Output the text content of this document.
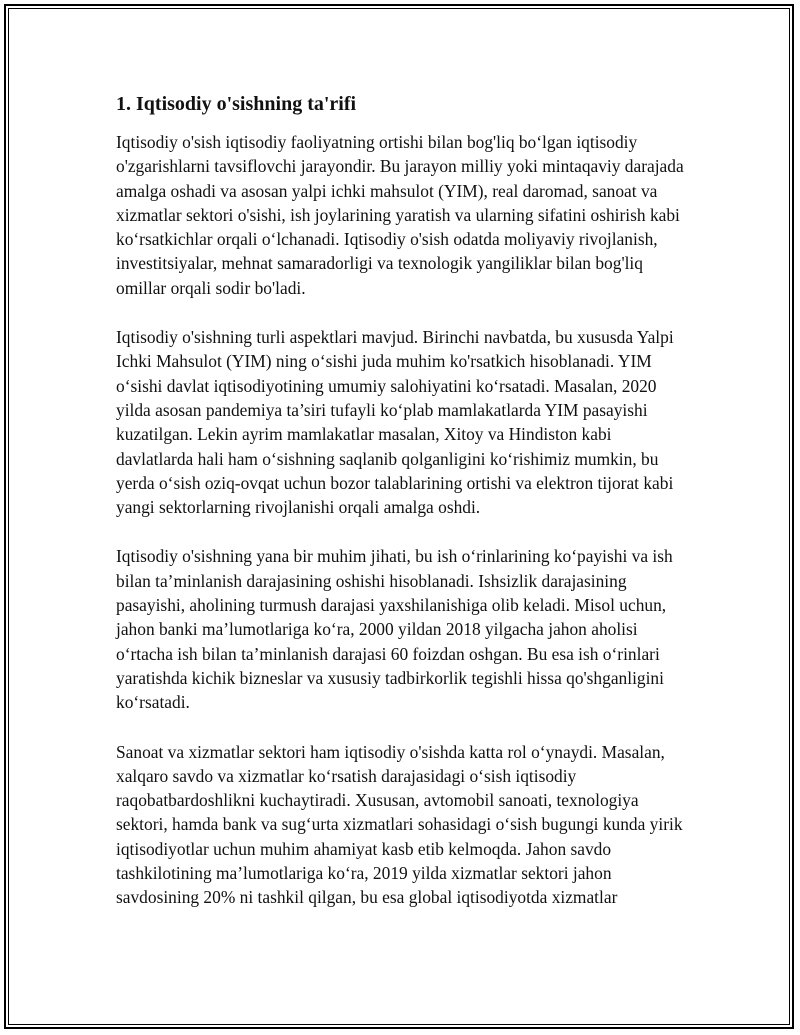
1. Iqtisodiy o'sishning ta'rifi

Iqtisodiy o'sish iqtisodiy faoliyatning ortishi bilan bog'liq bo‘lgan iqtisodiy o'zgarishlarni tavsiflovchi jarayondir. Bu jarayon milliy yoki mintaqaviy darajada amalga oshadi va asosan yalpi ichki mahsulot (YIM), real daromad, sanoat va xizmatlar sektori o'sishi, ish joylarining yaratish va ularning sifatini oshirish kabi ko‘rsatkichlar orqali o‘lchanadi. Iqtisodiy o'sish odatda moliyaviy rivojlanish, investitsiyalar, mehnat samaradorligi va texnologik yangiliklar bilan bog'liq omillar orqali sodir bo'ladi.

Iqtisodiy o'sishning turli aspektlari mavjud. Birinchi navbatda, bu xususda Yalpi Ichki Mahsulot (YIM) ning o‘sishi juda muhim ko'rsatkich hisoblanadi. YIM o‘sishi davlat iqtisodiyotining umumiy salohiyatini ko‘rsatadi. Masalan, 2020 yilda asosan pandemiya ta’siri tufayli ko‘plab mamlakatlarda YIM pasayishi kuzatilgan. Lekin ayrim mamlakatlar masalan, Xitoy va Hindiston kabi davlatlarda hali ham o‘sishning saqlanib qolganligini ko‘rishimiz mumkin, bu yerda o‘sish oziq-ovqat uchun bozor talablarining ortishi va elektron tijorat kabi yangi sektorlarning rivojlanishi orqali amalga oshdi.

Iqtisodiy o'sishning yana bir muhim jihati, bu ish o‘rinlarining ko‘payishi va ish bilan ta’minlanish darajasining oshishi hisoblanadi. Ishsizlik darajasining pasayishi, aholining turmush darajasi yaxshilanishiga olib keladi. Misol uchun, jahon banki ma’lumotlariga ko‘ra, 2000 yildan 2018 yilgacha jahon aholisi o‘rtacha ish bilan ta’minlanish darajasi 60 foizdan oshgan. Bu esa ish o‘rinlari yaratishda kichik bizneslar va xususiy tadbirkorlik tegishli hissa qo'shganligini ko‘rsatadi.

Sanoat va xizmatlar sektori ham iqtisodiy o'sishda katta rol o‘ynaydi. Masalan, xalqaro savdo va xizmatlar ko‘rsatish darajasidagi o‘sish iqtisodiy raqobatbardoshlikni kuchaytiradi. Xususan, avtomobil sanoati, texnologiya sektori, hamda bank va sug‘urta xizmatlari sohasidagi o‘sish bugungi kunda yirik iqtisodiyotlar uchun muhim ahamiyat kasb etib kelmoqda. Jahon savdo tashkilotining ma’lumotlariga ko‘ra, 2019 yilda xizmatlar sektori jahon savdosining 20% ni tashkil qilgan, bu esa global iqtisodiyotda xizmatlar
